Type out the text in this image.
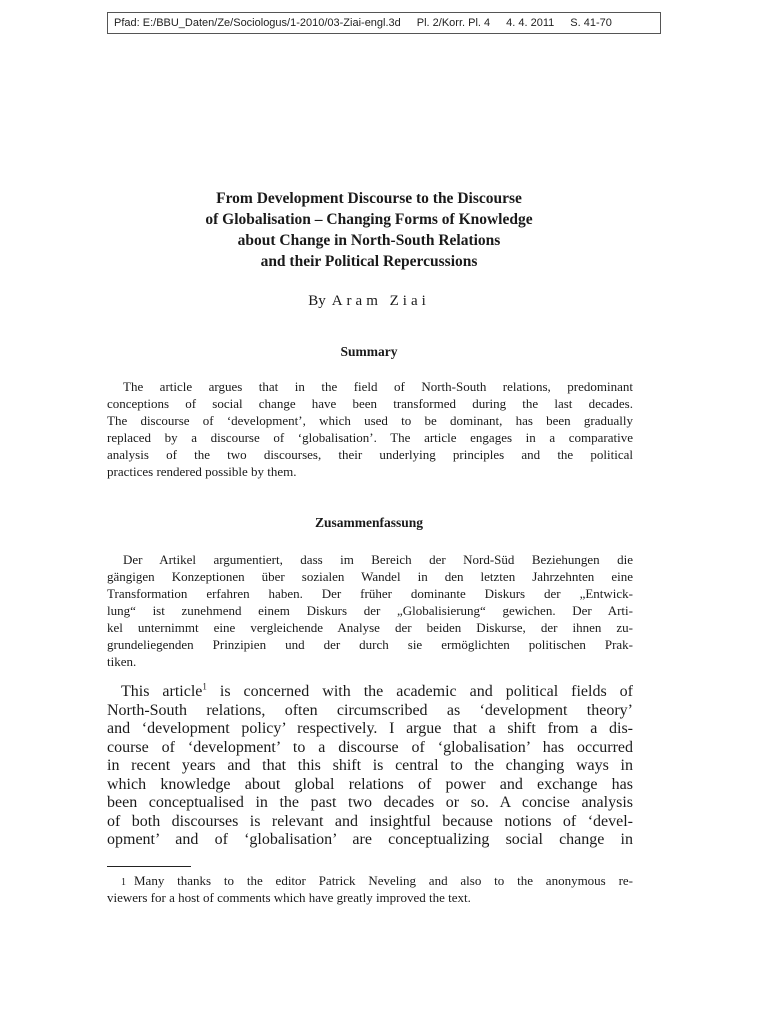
Pfad: E:/BBU_Daten/Ze/Sociologus/1-2010/03-Ziai-engl.3d Pl. 2/Korr. Pl. 4 4. 4. 2011 S. 41-70
From Development Discourse to the Discourse
of Globalisation – Changing Forms of Knowledge
about Change in North-South Relations
and their Political Repercussions
By Aram Ziai
Summary
The article argues that in the field of North-South relations, predominant
conceptions of social change have been transformed during the last decades.
The discourse of ‘development’, which used to be dominant, has been gradually
replaced by a discourse of ‘globalisation’. The article engages in a comparative
analysis of the two discourses, their underlying principles and the political
practices rendered possible by them.
Zusammenfassung
Der Artikel argumentiert, dass im Bereich der Nord-Süd Beziehungen die
gängigen Konzeptionen über sozialen Wandel in den letzten Jahrzehnten eine
Transformation erfahren haben. Der früher dominante Diskurs der „Entwick-
lung“ ist zunehmend einem Diskurs der „Globalisierung“ gewichen. Der Arti-
kel unternimmt eine vergleichende Analyse der beiden Diskurse, der ihnen zu-
grundeliegenden Prinzipien und der durch sie ermöglichten politischen Prak-
tiken.
This article$^1$ is concerned with the academic and political fields of
North-South relations, often circumscribed as ‘development theory’
and ‘development policy’ respectively. I argue that a shift from a dis-
course of ‘development’ to a discourse of ‘globalisation’ has occurred
in recent years and that this shift is central to the changing ways in
which knowledge about global relations of power and exchange has
been conceptualised in the past two decades or so. A concise analysis
of both discourses is relevant and insightful because notions of ‘devel-
opment’ and of ‘globalisation’ are conceptualizing social change in
1 Many thanks to the editor Patrick Neveling and also to the anonymous re-
viewers for a host of comments which have greatly improved the text.
